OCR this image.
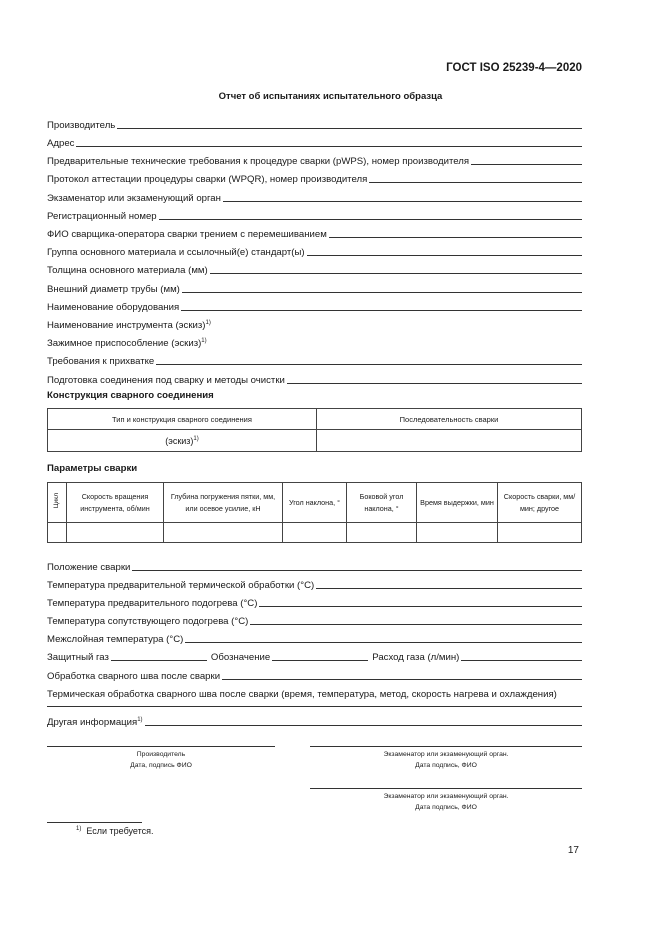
ГОСТ ISO 25239-4—2020
Отчет об испытаниях испытательного образца
Производитель
Адрес
Предварительные технические требования к процедуре сварки (pWPS), номер производителя
Протокол аттестации процедуры сварки (WPQR), номер производителя
Экзаменатор или экзаменующий орган
Регистрационный номер
ФИО сварщика-оператора сварки трением с перемешиванием
Группа основного материала и ссылочный(е) стандарт(ы)
Толщина основного материала (мм)
Внешний диаметр трубы (мм)
Наименование оборудования
Наименование инструмента (эскиз)$^{1)}$
Зажимное приспособление (эскиз)$^{1)}$
Требования к прихватке
Подготовка соединения под сварку и методы очистки
Конструкция сварного соединения
Тип и конструкция сварного соединения	Последовательность сварки
(эскиз)$^{1)}$	
Параметры сварки
Цикл	Скорость вращения инструмента, об/мин	Глубина погружения пятки, мм, или осевое усилие, кН	Угол наклона, °	Боковой угол наклона, °	Время выдержки, мин	Скорость сварки, мм/мин; другое

Положение сварки
Температура предварительной термической обработки (°С)
Температура предварительного подогрева (°С)
Температура сопутствующего подогрева (°С)
Межслойная температура (°С)
Защитный газ	Обозначение	Расход газа (л/мин)
Обработка сварного шва после сварки
Термическая обработка сварного шва после сварки (время, температура, метод, скорость нагрева и охлаждения)
Другая информация$^{1)}$
Производитель
Дата, подпись ФИО
Экзаменатор или экзаменующий орган.
Дата подпись, ФИО
Экзаменатор или экзаменующий орган.
Дата подпись, ФИО
$^{1)}$ Если требуется.
17
